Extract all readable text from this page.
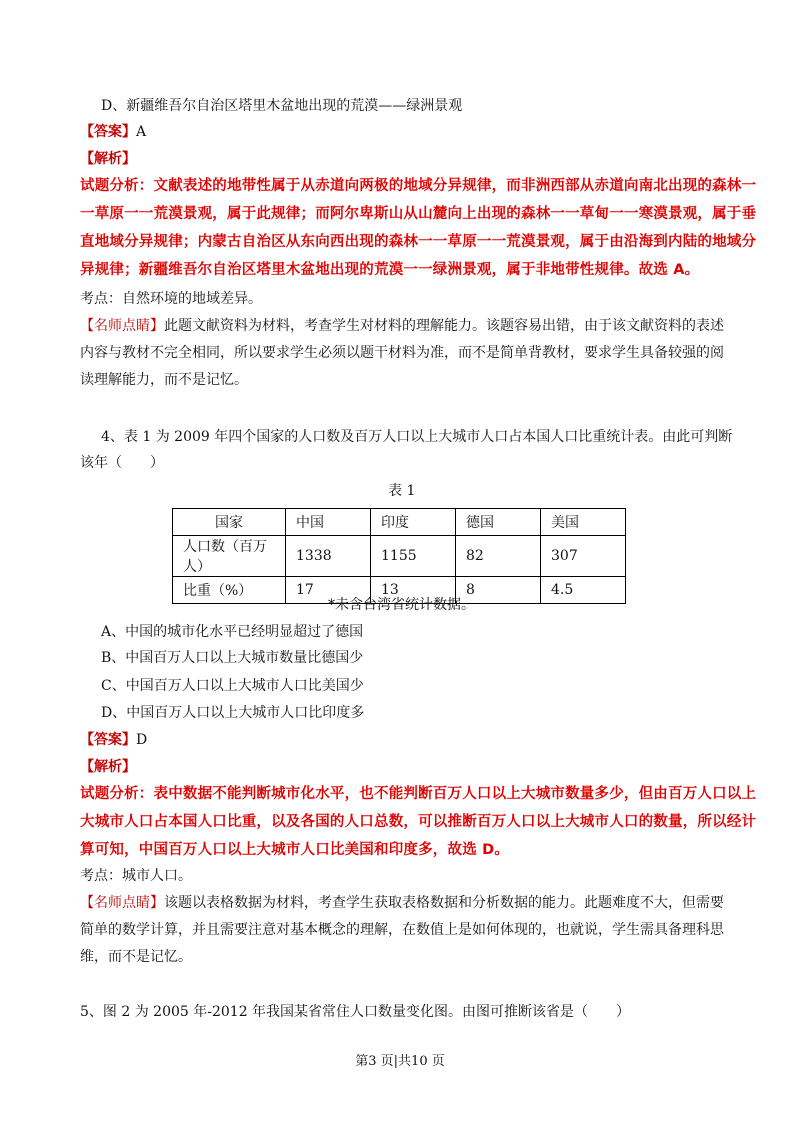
D、新疆维吾尔自治区塔里木盆地出现的荒漠——绿洲景观
【答案】A
【解析】
试题分析：文献表述的地带性属于从赤道向两极的地域分异规律，而非洲西部从赤道向南北出现的森林一
一草原一一荒漠景观，属于此规律；而阿尔卑斯山从山麓向上出现的森林一一草甸一一寒漠景观，属于垂
直地域分异规律；内蒙古自治区从东向西出现的森林一一草原一一荒漠景观，属于由沿海到内陆的地域分
异规律；新疆维吾尔自治区塔里木盆地出现的荒漠一一绿洲景观，属于非地带性规律。故选 A。
考点：自然环境的地域差异。
【名师点睛】此题文献资料为材料，考查学生对材料的理解能力。该题容易出错，由于该文献资料的表述
内容与教材不完全相同，所以要求学生必须以题干材料为准，而不是简单背教材，要求学生具备较强的阅
读理解能力，而不是记忆。
4、表 1 为 2009 年四个国家的人口数及百万人口以上大城市人口占本国人口比重统计表。由此可判断
该年（　　）
表 1
国家	中国	印度	德国	美国
人口数（百万人）	1338	1155	82	307
比重（%）	17	13	8	4.5
*未含台湾省统计数据。
A、中国的城市化水平已经明显超过了德国
B、中国百万人口以上大城市数量比德国少
C、中国百万人口以上大城市人口比美国少
D、中国百万人口以上大城市人口比印度多
【答案】D
【解析】
试题分析：表中数据不能判断城市化水平，也不能判断百万人口以上大城市数量多少，但由百万人口以上
大城市人口占本国人口比重，以及各国的人口总数，可以推断百万人口以上大城市人口的数量，所以经计
算可知，中国百万人口以上大城市人口比美国和印度多，故选 D。
考点：城市人口。
【名师点睛】该题以表格数据为材料，考查学生获取表格数据和分析数据的能力。此题难度不大，但需要
简单的数学计算，并且需要注意对基本概念的理解，在数值上是如何体现的，也就说，学生需具备理科思
维，而不是记忆。
5、图 2 为 2005 年-2012 年我国某省常住人口数量变化图。由图可推断该省是（　　）
第3 页|共10 页
